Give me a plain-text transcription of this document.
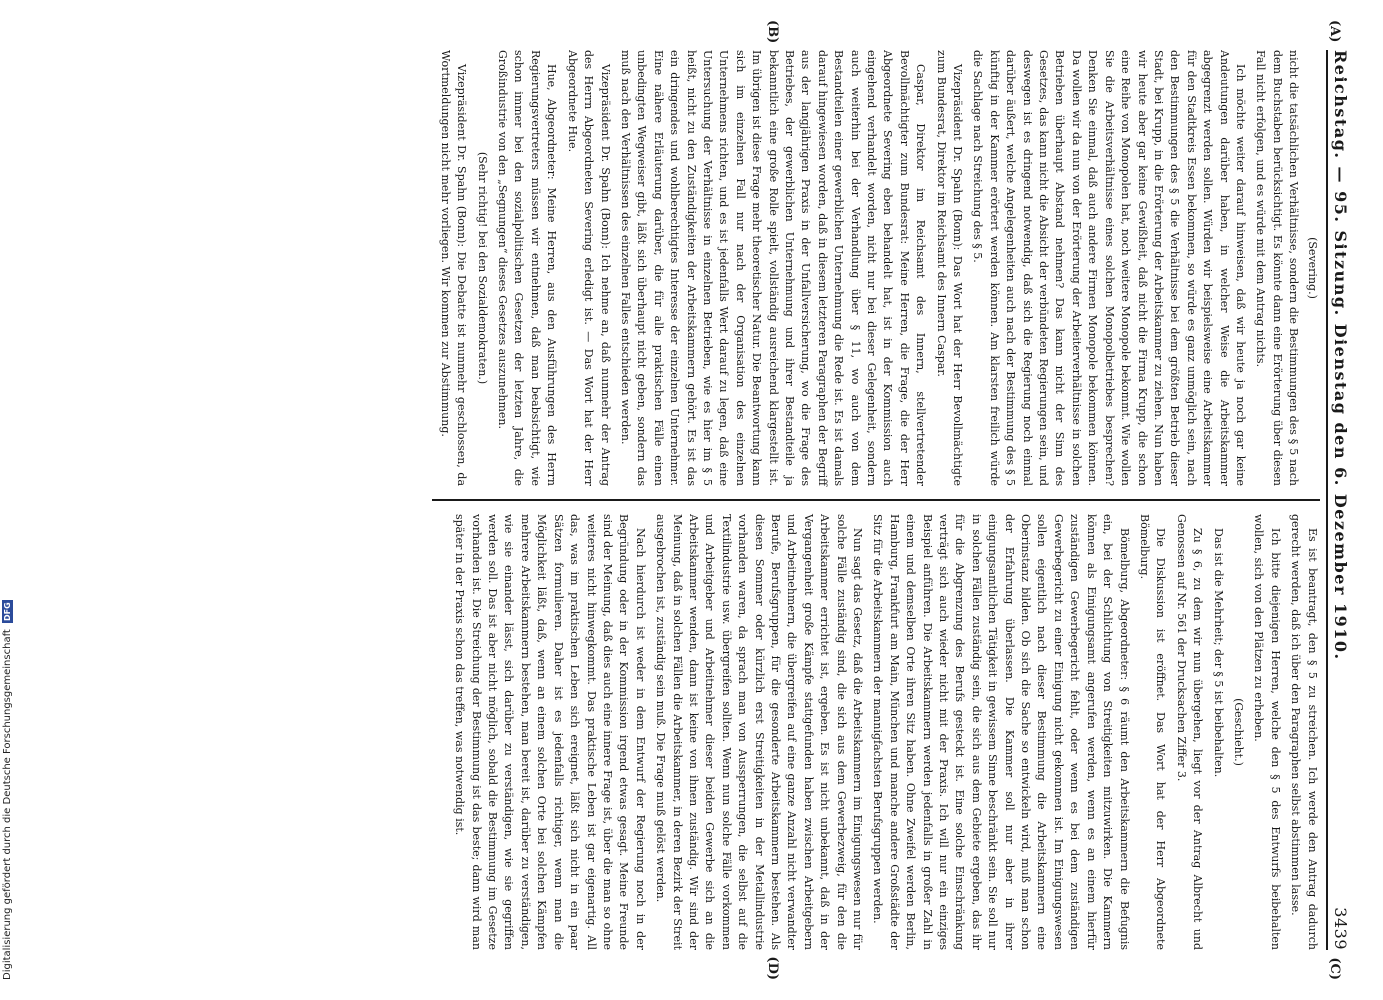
Reichstag. — 95. Sitzung. Dienstag den 6. Dezember 1910.
3439
(Severing.)

nicht die tatsächlichen Verhältnisse, sondern die Bestimmungen des § 5 nach dem Buchstaben berücksichtigt. Es könnte dann eine Erörterung über diesen Fall nicht erfolgen, und es würde mit dem Antrag nichts.

Ich möchte weiter darauf hinweisen, daß wir heute ja noch gar keine Andeutungen darüber haben, in welcher Weise die Arbeitskammer abgegrenzt werden sollen. Würden wir beispielsweise eine Arbeitskammer für den Stadtkreis Essen bekommen, so würde es ganz unmöglich sein, nach den Bestimmungen des § 5 die Verhältnisse bei dem größten Betrieb dieser Stadt, bei Krupp, in die Erörterung der Arbeitskammer zu ziehen. Nun haben wir heute aber gar keine Gewißheit, daß nicht die Firma Krupp, die schon eine Reihe von Monopolen hat, noch weitere Monopole bekommt. Wie wollen Sie die Arbeitsverhältnisse eines solchen Monopolbetriebes besprechen? Denken Sie einmal, daß auch andere Firmen Monopole bekommen können. Da wollen wir da nun von der Erörterung der Arbeiterverhältnisse in solchen Betrieben überhaupt Abstand nehmen? Das kann nicht der Sinn des Gesetzes, das kann nicht die Absicht der verbündeten Regierungen sein, und deswegen ist es dringend notwendig, daß sich die Regierung noch einmal darüber äußert, welche Angelegenheiten auch nach der Bestimmung des § 5 künftig in der Kammer erörtert werden können. Am klarsten freilich würde die Sachlage nach Streichung des § 5.

Vizepräsident Dr. Spahn (Bonn): Das Wort hat der Herr Bevollmächtigte zum Bundesrat, Direktor im Reichsamt des Innern Caspar.

Caspar, Direktor im Reichsamt des Innern, stellvertretender Bevollmächtigter zum Bundesrat: Meine Herren, die Frage, die der Herr Abgeordnete Severing eben behandelt hat, ist in der Kommission auch eingehend verhandelt worden, nicht nur bei dieser Gelegenheit, sondern auch weiterhin bei der Verhandlung über § 11, wo auch von dem Bestandteilen einer gewerblichen Unternehmung die Rede ist. Es ist damals darauf hingewiesen worden, daß in diesem letzteren Paragraphen der Begriff aus der langjährigen Praxis in der Unfallversicherung, wo die Frage des Betriebes, der gewerblichen Unternehmung und ihrer Bestandteile ja bekanntlich eine große Rolle spielt, vollständig ausreichend klargestellt ist. Im übrigen ist diese Frage mehr theoretischer Natur. Die Beantwortung kann sich im einzelnen Fall nur nach der Organisation des einzelnen Unternehmens richten, und es ist jedenfalls Wert darauf zu legen, daß eine Untersuchung der Verhältnisse in einzelnen Betrieben, wie es hier im § 5 heißt, nicht zu den Zuständigkeiten der Arbeitskammern gehört. Es ist das ein dringendes und wohlberechtigtes Interesse der einzelnen Unternehmer. Eine nähere Erläuterung darüber, die für alle praktischen Fälle einen unbedingten Wegweiser gibt, läßt sich überhaupt nicht geben, sondern das muß nach den Verhältnissen des einzelnen Falles entschieden werden.

Vizepräsident Dr. Spahn (Bonn): Ich nehme an, daß nunmehr der Antrag des Herrn Abgeordneten Severing erledigt ist. — Das Wort hat der Herr Abgeordnete Hue.

Hue, Abgeordneter: Meine Herren, aus den Ausführungen des Herrn Regierungsvertreters müssen wir entnehmen, daß man beabsichtigt, wie schon immer bei den sozialpolitischen Gesetzen der letzten Jahre, die Großindustrie von den „Segnungen“ dieses Gesetzes auszunehmen.

(Sehr richtig! bei den Sozialdemokraten.)

Vizepräsident Dr. Spahn (Bonn): Die Debatte ist nunmehr geschlossen, da Wortmeldungen nicht mehr vorliegen. Wir kommen zur Abstimmung.

Es ist beantragt, den § 5 zu streichen. Ich werde den Antrag dadurch gerecht werden, daß ich über den Paragraphen selbst abstimmen lasse.

Ich bitte diejenigen Herren, welche den § 5 des Entwurfs beibehalten wollen, sich von den Plätzen zu erheben.

(Geschieht.)

Das ist die Mehrheit; der § 5 ist beibehalten.

Zu § 6, zu dem wir nun übergehen, liegt vor der Antrag Albrecht und Genossen auf Nr. 561 der Drucksachen Ziffer 3.

Die Diskussion ist eröffnet. Das Wort hat der Herr Abgeordnete Bömelburg.

Bömelburg, Abgeordneter: § 6 räumt den Arbeitskammern die Befugnis ein, bei der Schlichtung von Streitigkeiten mitzuwirken. Die Kammern können als Einigungsamt angerufen werden, wenn es an einem hierfür zuständigen Gewerbegericht fehlt, oder wenn es bei dem zuständigen Gewerbegericht zu einer Einigung nicht gekommen ist. Im Einigungswesen sollen eigentlich nach dieser Bestimmung die Arbeitskammern eine Oberinstanz bilden. Ob sich die Sache so entwickeln wird, muß man schon der Erfahrung überlassen. Die Kammer soll nur aber in ihrer einigungsamtlichen Tätigkeit in gewissem Sinne beschränkt sein. Sie soll nur in solchen Fällen zuständig sein, die sich aus dem Gebiete ergeben, das ihr für die Abgrenzung des Berufs gesteckt ist. Eine solche Einschränkung verträgt sich auch wieder nicht mit der Praxis. Ich will nur ein einziges Beispiel anführen. Die Arbeitskammern werden jedenfalls in großer Zahl in einem und demselben Orte ihren Sitz haben. Ohne Zweifel werden Berlin, Hamburg, Frankfurt am Main, München und manche andere Großstädte der Sitz für die Arbeitskammern der mannigfachsten Berufsgruppen werden.

Nun sagt das Gesetz, daß die Arbeitskammern im Einigungswesen nur für solche Fälle zuständig sind, die sich aus dem Gewerbezweig, für den die Arbeitskammer errichtet ist, ergeben. Es ist nicht unbekannt, daß in der Vergangenheit große Kämpfe stattgefunden haben zwischen Arbeitgebern und Arbeitnehmern, die übergreifen auf eine ganze Anzahl nicht verwandter Berufe, Berufsgruppen, für die gesonderte Arbeitskammern bestehen. Als diesen Sommer oder kürzlich erst Streitigkeiten in der Metallindustrie vorhanden waren, da sprach man von Aussperrungen, die selbst auf die Textilindustrie usw. übergreifen sollten. Wenn nun solche Fälle vorkommen und Arbeitgeber und Arbeitnehmer dieser beiden Gewerbe sich an die Arbeitskammer wenden, dann ist keine von ihnen zuständig. Wir sind der Meinung, daß in solchen Fällen die Arbeitskammer, in deren Bezirk der Streit ausgebrochen ist, zuständig sein muß. Die Frage muß gelöst werden.

Nach hierdurch ist weder in dem Entwurf der Regierung noch in der Begründung oder in der Kommission irgend etwas gesagt. Meine Freunde sind der Meinung, daß dies auch eine innere Frage ist, über die man so ohne weiteres nicht hinwegkommt. Das praktische Leben ist gar eigenartig. All das, was im praktischen Leben sich ereignet, läßt sich nicht in ein paar Sätzen formulieren. Daher ist es jedenfalls richtiger, wenn man die Möglichkeit läßt, daß, wenn an einem solchen Orte bei solchen Kämpfen mehrere Arbeitskammern bestehen, man bereit ist, darüber zu verständigen, wie sie einander lässt, sich darüber zu verständigen, wie sie gegriffen werden soll. Das ist aber nicht möglich, sobald die Bestimmung im Gesetze vorhanden ist. Die Streichung der Bestimmung ist das beste; dann wird man später in der Praxis schon das treffen, was notwendig ist.

(A)
(B)
(C)
(D)
Digitalisierung gefördert durch die Deutsche Forschungsgemeinschaft DFG
